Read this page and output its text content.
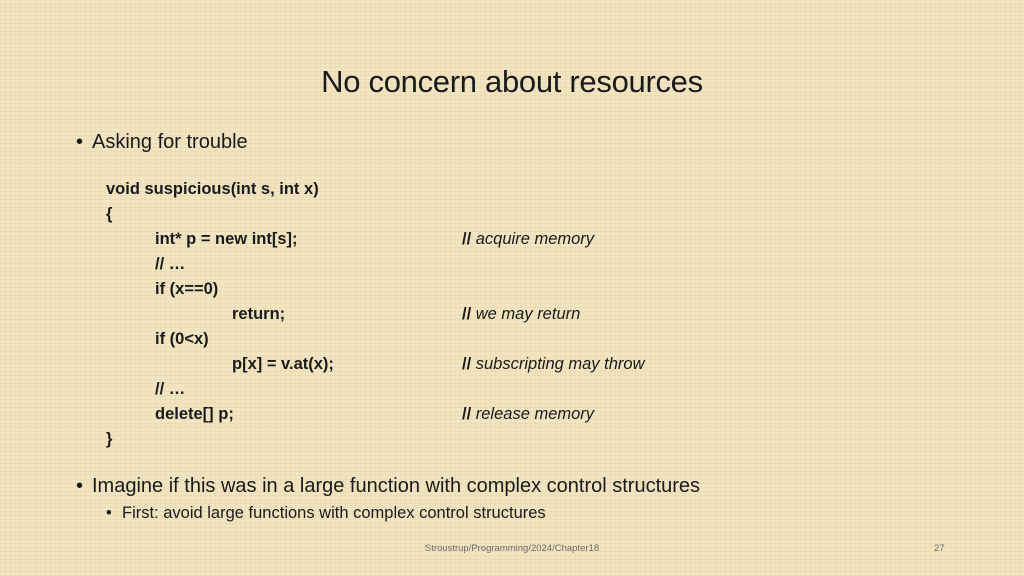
No concern about resources
• Asking for trouble
void suspicious(int s, int x)
{
int* p = new int[s];	// acquire memory
// …
if (x==0)
return;	// we may return
if (0<x)
p[x] = v.at(x);	// subscripting may throw
// …
delete[] p;	// release memory
}
• Imagine if this was in a large function with complex control structures
• First: avoid large functions with complex control structures
Stroustrup/Programming/2024/Chapter18	27
